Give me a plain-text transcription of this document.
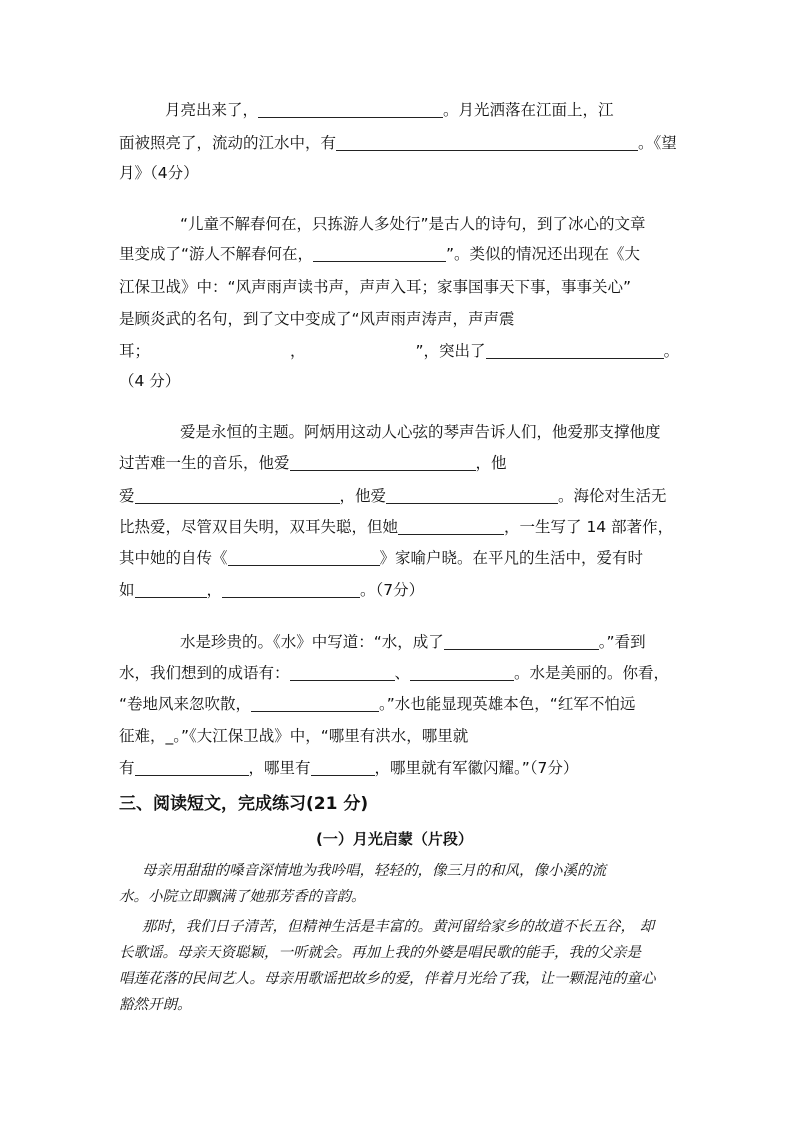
月亮出来了，	。月光洒落在江面上，江
面被照亮了，流动的江水中，有	。《望
月》（4分）
“儿童不解春何在，只拣游人多处行”是古人的诗句，到了冰心的文章
里变成了“游人不解春何在，	”。类似的情况还出现在《大
江保卫战》中：“风声雨声读书声，声声入耳；家事国事天下事，事事关心”
是顾炎武的名句，到了文中变成了“风声雨声涛声，声声震
耳；	，	”，突出了	。
（4 分）
爱是永恒的主题。阿炳用这动人心弦的琴声告诉人们，他爱那支撑他度
过苦难一生的音乐，他爱	，他
爱	，他爱	。海伦对生活无
比热爱，尽管双目失明，双耳失聪，但她	，一生写了 14 部著作，
其中她的自传《	》家喻户晓。在平凡的生活中，爱有时
如	，	。（7分）
水是珍贵的。《水》中写道：“水，成了	。”看到
水，我们想到的成语有：	、	。水是美丽的。你看，
“卷地风来忽吹散，	。”水也能显现英雄本色，“红军不怕远
征难，_。”《大江保卫战》中，“哪里有洪水，哪里就
有	，哪里有	，哪里就有军徽闪耀。”（7分）
三、阅读短文，完成练习(21 分)
(一）月光启蒙（片段）
母亲用甜甜的嗓音深情地为我吟唱，轻轻的，像三月的和风，像小溪的流
水。小院立即飘满了她那芳香的音韵。
那时，我们日子清苦，但精神生活是丰富的。黄河留给家乡的故道不长五谷， 却
长歌谣。母亲天资聪颖，一听就会。再加上我的外婆是唱民歌的能手，我的父亲是
唱莲花落的民间艺人。母亲用歌谣把故乡的爱，伴着月光给了我，让一颗混沌的童心
豁然开朗。
